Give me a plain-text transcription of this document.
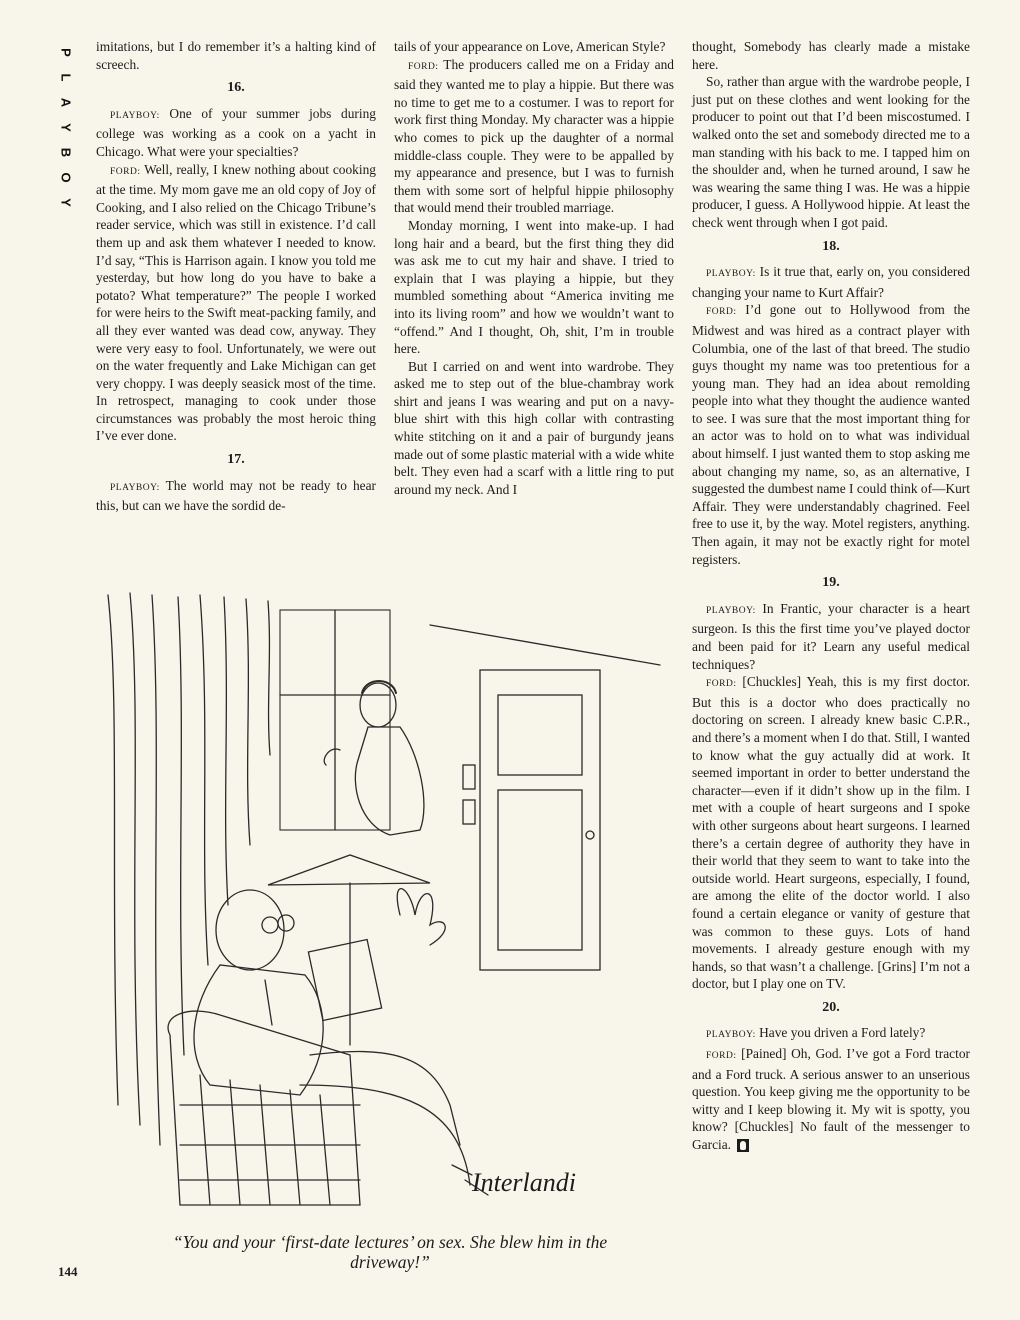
P
L
A
Y
B
O
Y

imitations, but I do remember it’s a halting kind of screech.

16.

PLAYBOY: One of your summer jobs during college was working as a cook on a yacht in Chicago. What were your specialties?

FORD: Well, really, I knew nothing about cooking at the time. My mom gave me an old copy of Joy of Cooking, and I also relied on the Chicago Tribune’s reader service, which was still in existence. I’d call them up and ask them whatever I needed to know. I’d say, “This is Harrison again. I know you told me yesterday, but how long do you have to bake a potato? What temperature?” The people I worked for were heirs to the Swift meat-packing family, and all they ever wanted was dead cow, anyway. They were very easy to fool. Unfortunately, we were out on the water frequently and Lake Michigan can get very choppy. I was deeply seasick most of the time. In retrospect, managing to cook under those circumstances was probably the most heroic thing I’ve ever done.

17.

PLAYBOY: The world may not be ready to hear this, but can we have the sordid de-

tails of your appearance on Love, American Style?

FORD: The producers called me on a Friday and said they wanted me to play a hippie. But there was no time to get me to a costumer. I was to report for work first thing Monday. My character was a hippie who comes to pick up the daughter of a normal middle-class couple. They were to be appalled by my appearance and presence, but I was to furnish them with some sort of helpful hippie philosophy that would mend their troubled marriage.

Monday morning, I went into make-up. I had long hair and a beard, but the first thing they did was ask me to cut my hair and shave. I tried to explain that I was playing a hippie, but they mumbled something about “America inviting me into its living room” and how we wouldn’t want to “offend.” And I thought, Oh, shit, I’m in trouble here.

But I carried on and went into wardrobe. They asked me to step out of the blue-chambray work shirt and jeans I was wearing and put on a navy-blue shirt with this high collar with contrasting white stitching on it and a pair of burgundy jeans made out of some plastic material with a wide white belt. They even had a scarf with a little ring to put around my neck. And I

thought, Somebody has clearly made a mistake here.

So, rather than argue with the wardrobe people, I just put on these clothes and went looking for the producer to point out that I’d been miscostumed. I walked onto the set and somebody directed me to a man standing with his back to me. I tapped him on the shoulder and, when he turned around, I saw he was wearing the same thing I was. He was a hippie producer, I guess. A Hollywood hippie. At least the check went through when I got paid.

18.

PLAYBOY: Is it true that, early on, you considered changing your name to Kurt Affair?

FORD: I’d gone out to Hollywood from the Midwest and was hired as a contract player with Columbia, one of the last of that breed. The studio guys thought my name was too pretentious for a young man. They had an idea about remolding people into what they thought the audience wanted to see. I was sure that the most important thing for an actor was to hold on to what was individual about himself. I just wanted them to stop asking me about changing my name, so, as an alternative, I suggested the dumbest name I could think of—Kurt Affair. They were understandably chagrined. Feel free to use it, by the way. Motel registers, anything. Then again, it may not be exactly right for motel registers.

19.

PLAYBOY: In Frantic, your character is a heart surgeon. Is this the first time you’ve played doctor and been paid for it? Learn any useful medical techniques?

FORD: [Chuckles] Yeah, this is my first doctor. But this is a doctor who does practically no doctoring on screen. I already knew basic C.P.R., and there’s a moment when I do that. Still, I wanted to know what the guy actually did at work. It seemed important in order to better understand the character—even if it didn’t show up in the film. I met with a couple of heart surgeons and I spoke with other surgeons about heart surgeons. I learned there’s a certain degree of authority they have in their world that they seem to want to take into the outside world. Heart surgeons, especially, I found, are among the elite of the doctor world. I also found a certain elegance or vanity of gesture that was common to these guys. Lots of hand movements. I already gesture enough with my hands, so that wasn’t a challenge. [Grins] I’m not a doctor, but I play one on TV.

20.

PLAYBOY: Have you driven a Ford lately?

FORD: [Pained] Oh, God. I’ve got a Ford tractor and a Ford truck. A serious answer to an unserious question. You keep giving me the opportunity to be witty and I keep blowing it. My wit is spotty, you know? [Chuckles] No fault of the messenger to Garcia.

Interlandi
“You and your ‘first-date lectures’ on sex. She blew him in the driveway!”
144
